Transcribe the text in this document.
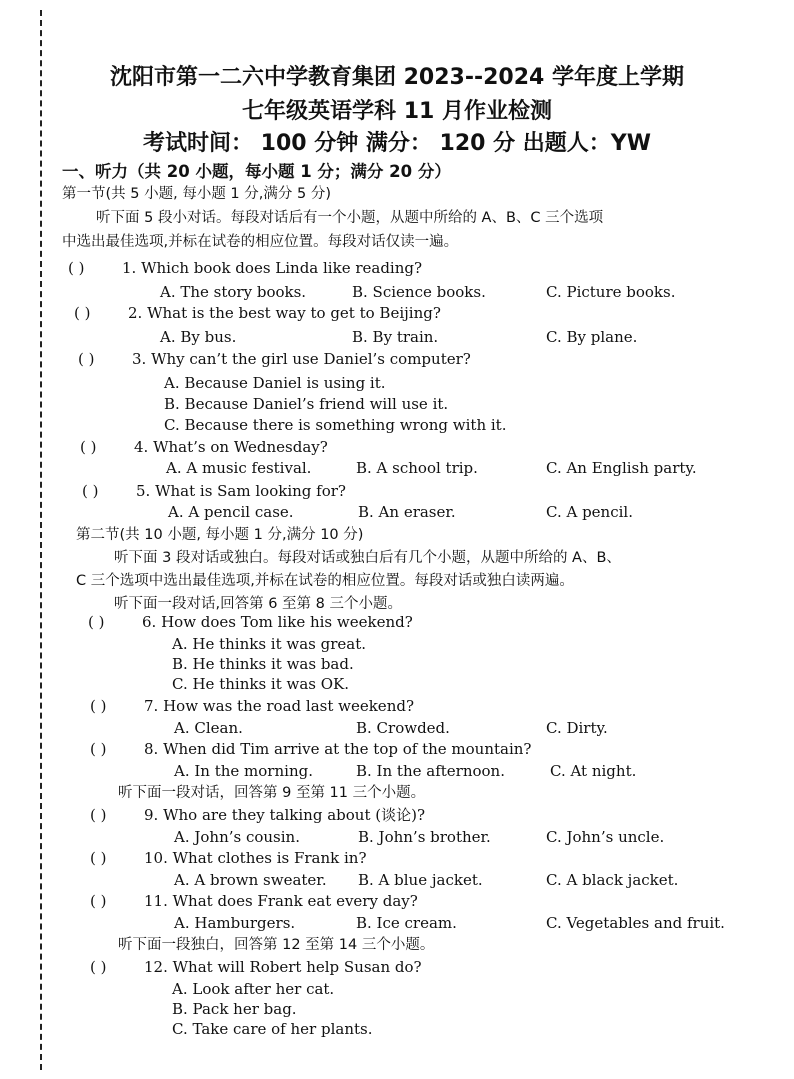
沈阳市第一二六中学教育集团 2023--2024 学年度上学期
七年级英语学科 11 月作业检测
考试时间： 100 分钟 满分： 120 分 出题人：YW
一、听力（共 20 小题，每小题 1 分；满分 20 分）
第一节(共 5 小题, 每小题 1 分,满分 5 分)
听下面 5 段小对话。每段对话后有一个小题，从题中所给的 A、B、C 三个选项
中选出最佳选项,并标在试卷的相应位置。每段对话仅读一遍。
( )	1. Which book does Linda like reading?
A. The story books.	B. Science books.	C. Picture books.
( )	2. What is the best way to get to Beijing?
A. By bus.	B. By train.	C. By plane.
( )	3. Why can’t the girl use Daniel’s computer?
A. Because Daniel is using it.
B. Because Daniel’s friend will use it.
C. Because there is something wrong with it.
( )	4. What’s on Wednesday?
A. A music festival.	B. A school trip.	C. An English party.
( )	5. What is Sam looking for?
A. A pencil case.	B. An eraser.	C. A pencil.
第二节(共 10 小题, 每小题 1 分,满分 10 分)
听下面 3 段对话或独白。每段对话或独白后有几个小题，从题中所给的 A、B、
C 三个选项中选出最佳选项,并标在试卷的相应位置。每段对话或独白读两遍。
听下面一段对话,回答第 6 至第 8 三个小题。
( )	6. How does Tom like his weekend?
A. He thinks it was great.
B. He thinks it was bad.
C. He thinks it was OK.
( )	7. How was the road last weekend?
A. Clean.	B. Crowded.	C. Dirty.
( )	8. When did Tim arrive at the top of the mountain?
A. In the morning.	B. In the afternoon.	C. At night.
听下面一段对话，回答第 9 至第 11 三个小题。
( )	9. Who are they talking about (谈论)?
A. John’s cousin.	B. John’s brother.	C. John’s uncle.
( )	10. What clothes is Frank in?
A. A brown sweater. B. A blue jacket.	C. A black jacket.
( )	11. What does Frank eat every day?
A. Hamburgers.	B. Ice cream.	C. Vegetables and fruit.
听下面一段独白，回答第 12 至第 14 三个小题。
( )	12. What will Robert help Susan do?
A. Look after her cat.
B. Pack her bag.
C. Take care of her plants.
